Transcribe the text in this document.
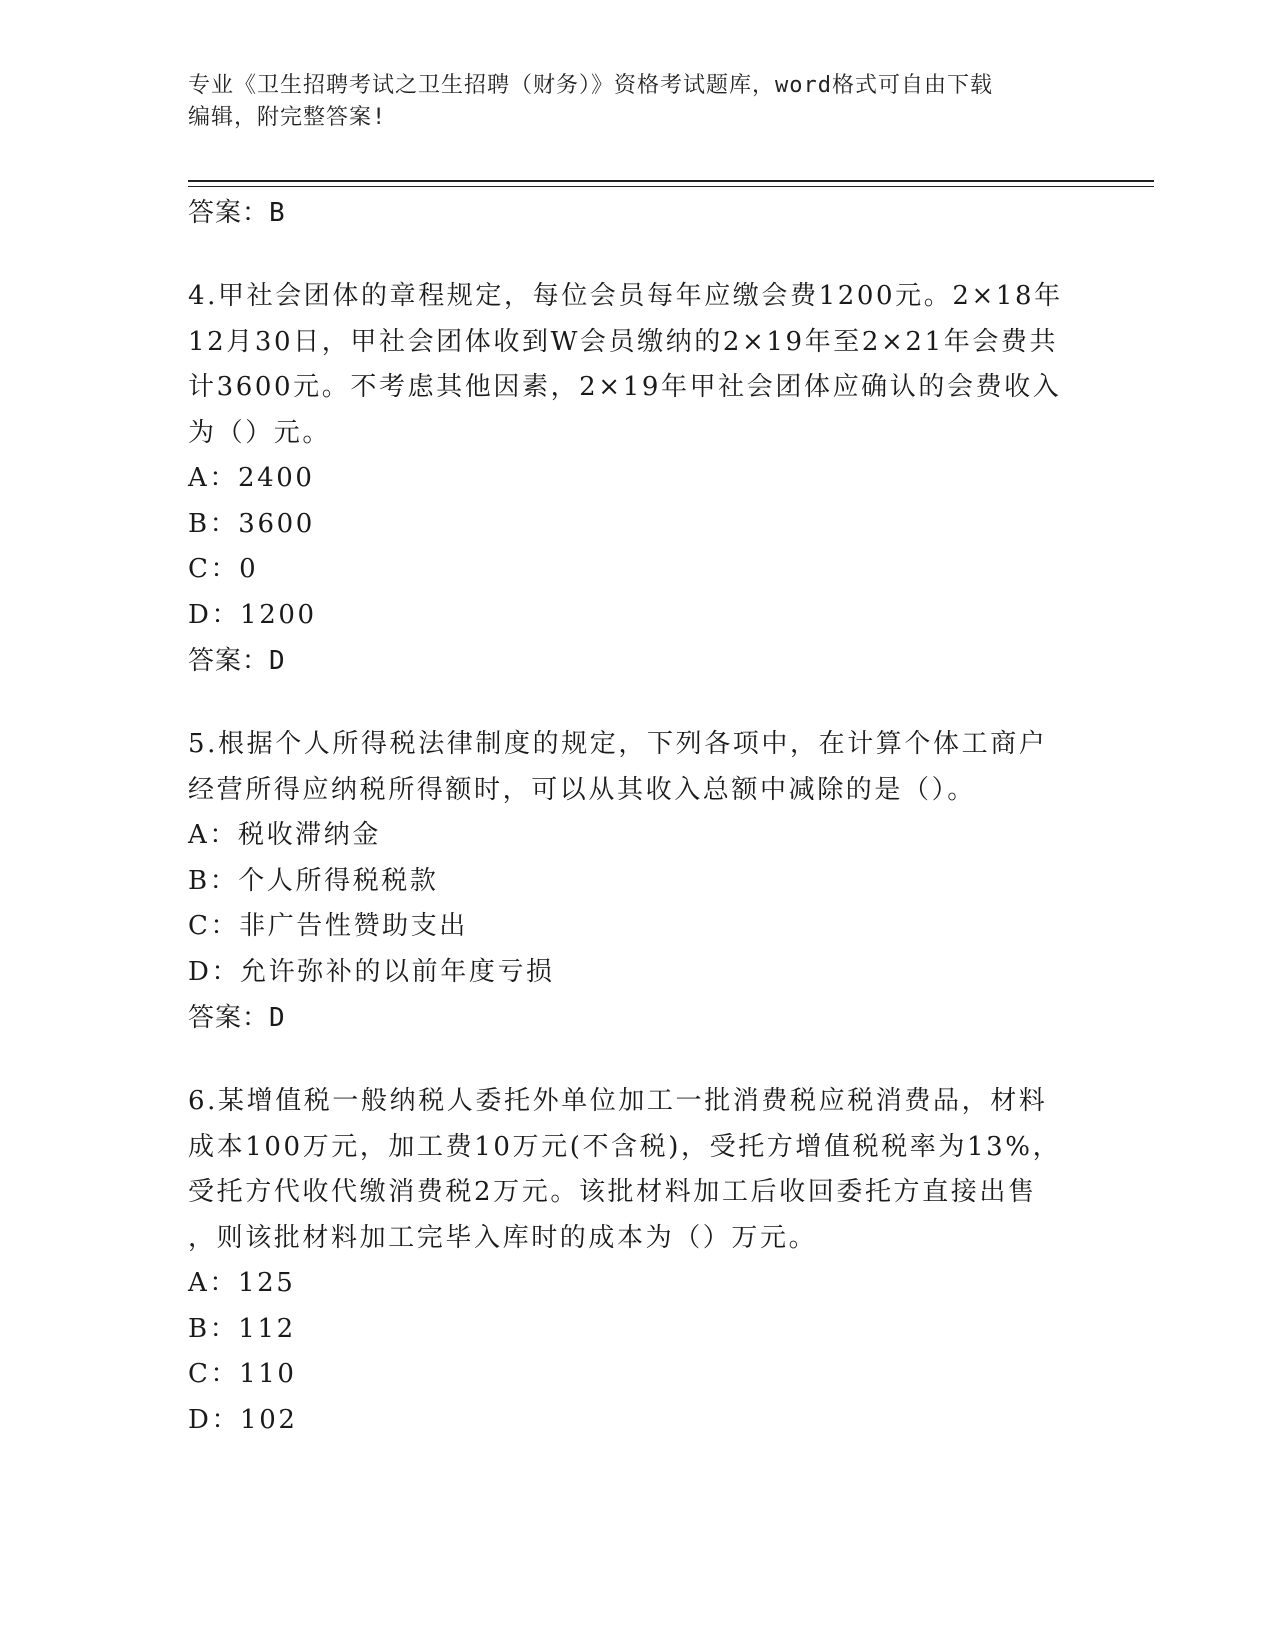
专业《卫生招聘考试之卫生招聘（财务）》资格考试题库，word格式可自由下载
编辑，附完整答案!
答案：B
4.甲社会团体的章程规定，每位会员每年应缴会费1200元。2×18年
12月30日，甲社会团体收到W会员缴纳的2×19年至2×21年会费共
计3600元。不考虑其他因素，2×19年甲社会团体应确认的会费收入
为（）元。
A：2400
B：3600
C：0
D：1200
答案：D
5.根据个人所得税法律制度的规定，下列各项中，在计算个体工商户
经营所得应纳税所得额时，可以从其收入总额中减除的是（）。
A：税收滞纳金
B：个人所得税税款
C：非广告性赞助支出
D：允许弥补的以前年度亏损
答案：D
6.某增值税一般纳税人委托外单位加工一批消费税应税消费品，材料
成本100万元，加工费10万元(不含税)，受托方增值税税率为13%，
受托方代收代缴消费税2万元。该批材料加工后收回委托方直接出售
，则该批材料加工完毕入库时的成本为（）万元。
A：125
B：112
C：110
D：102
